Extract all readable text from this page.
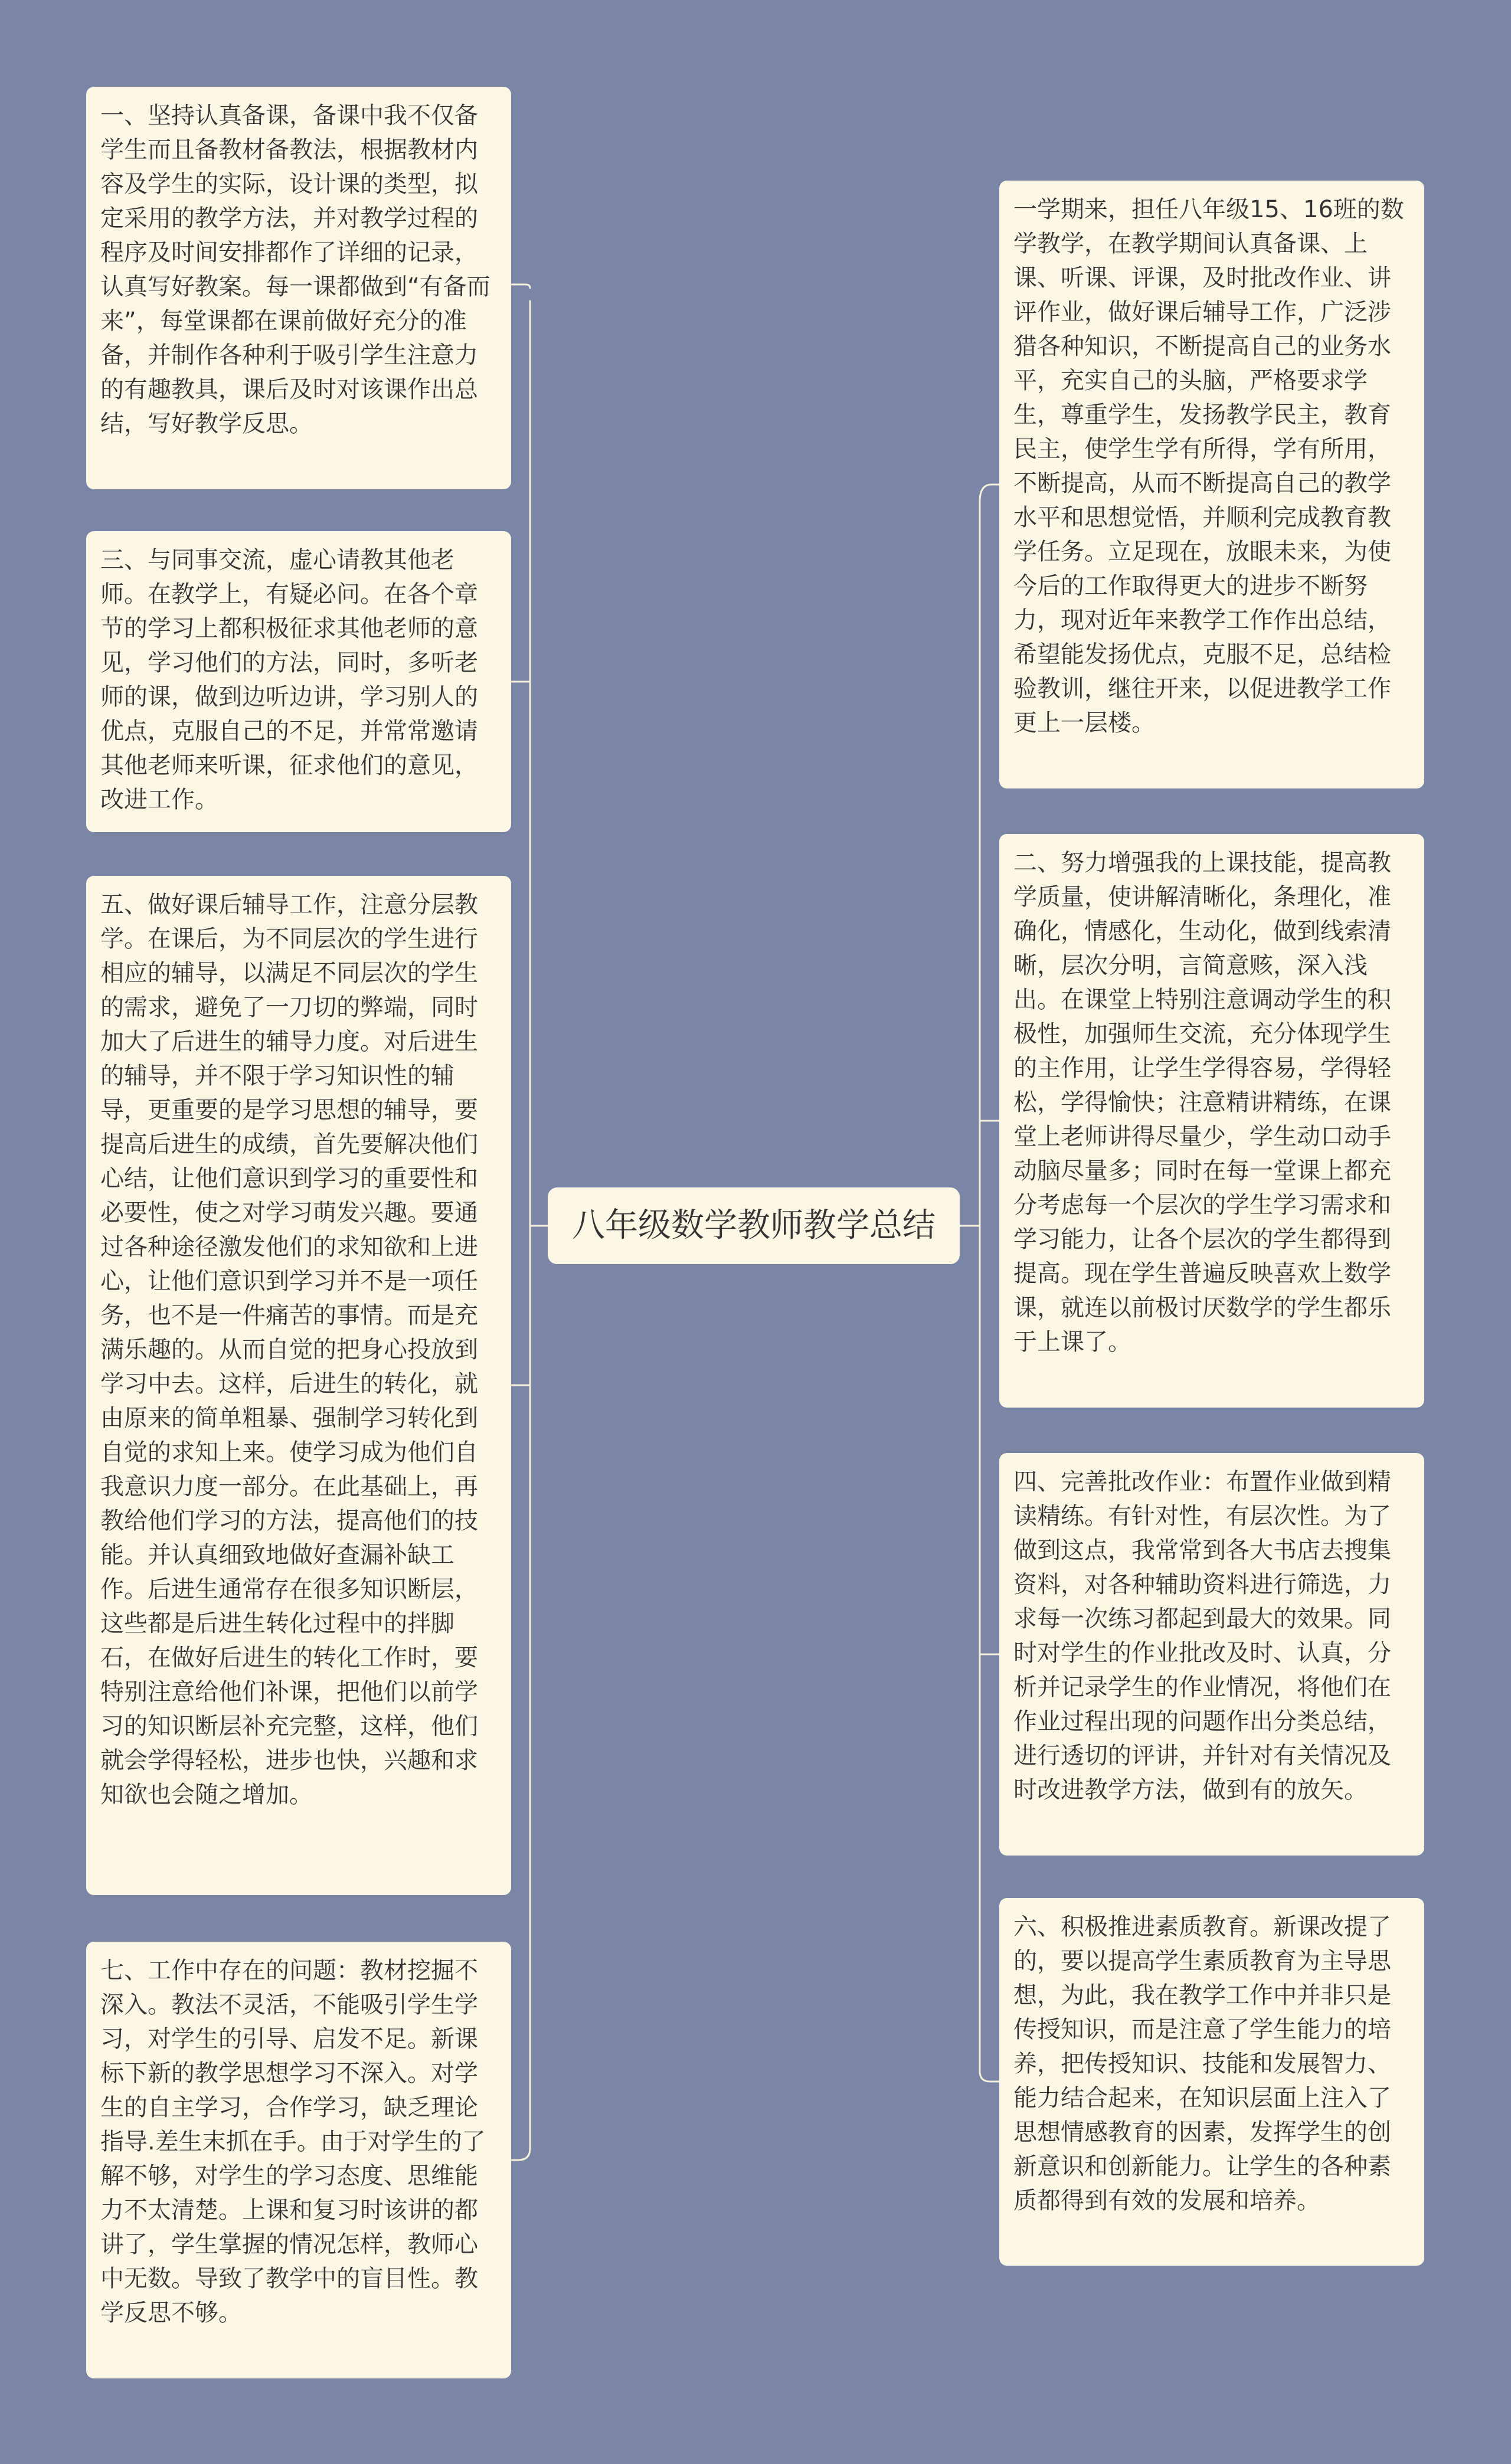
八年级数学教师教学总结
一、坚持认真备课，备课中我不仅备学生而且备教材备教法，根据教材内容及学生的实际，设计课的类型，拟定采用的教学方法，并对教学过程的程序及时间安排都作了详细的记录，认真写好教案。每一课都做到“有备而来”，每堂课都在课前做好充分的准备，并制作各种利于吸引学生注意力的有趣教具，课后及时对该课作出总结，写好教学反思。
三、与同事交流，虚心请教其他老师。在教学上，有疑必问。在各个章节的学习上都积极征求其他老师的意见，学习他们的方法，同时，多听老师的课，做到边听边讲，学习别人的优点，克服自己的不足，并常常邀请其他老师来听课，征求他们的意见，改进工作。
五、做好课后辅导工作，注意分层教学。在课后，为不同层次的学生进行相应的辅导，以满足不同层次的学生的需求，避免了一刀切的弊端，同时加大了后进生的辅导力度。对后进生的辅导，并不限于学习知识性的辅导，更重要的是学习思想的辅导，要提高后进生的成绩，首先要解决他们心结，让他们意识到学习的重要性和必要性，使之对学习萌发兴趣。要通过各种途径激发他们的求知欲和上进心，让他们意识到学习并不是一项任务，也不是一件痛苦的事情。而是充满乐趣的。从而自觉的把身心投放到学习中去。这样，后进生的转化，就由原来的简单粗暴、强制学习转化到自觉的求知上来。使学习成为他们自我意识力度一部分。在此基础上，再教给他们学习的方法，提高他们的技能。并认真细致地做好查漏补缺工作。后进生通常存在很多知识断层，这些都是后进生转化过程中的拌脚石，在做好后进生的转化工作时，要特别注意给他们补课，把他们以前学习的知识断层补充完整，这样，他们就会学得轻松，进步也快，兴趣和求知欲也会随之增加。
七、工作中存在的问题：教材挖掘不深入。教法不灵活，不能吸引学生学习，对学生的引导、启发不足。新课标下新的教学思想学习不深入。对学生的自主学习，合作学习，缺乏理论指导.差生末抓在手。由于对学生的了解不够，对学生的学习态度、思维能力不太清楚。上课和复习时该讲的都讲了，学生掌握的情况怎样，教师心中无数。导致了教学中的盲目性。教学反思不够。
一学期来，担任八年级15、16班的数学教学，在教学期间认真备课、上课、听课、评课，及时批改作业、讲评作业，做好课后辅导工作，广泛涉猎各种知识，不断提高自己的业务水平，充实自己的头脑，严格要求学生，尊重学生，发扬教学民主，教育民主，使学生学有所得，学有所用，不断提高，从而不断提高自己的教学水平和思想觉悟，并顺利完成教育教学任务。立足现在，放眼未来，为使今后的工作取得更大的进步不断努力，现对近年来教学工作作出总结，希望能发扬优点，克服不足，总结检验教训，继往开来，以促进教学工作更上一层楼。
二、努力增强我的上课技能，提高教学质量，使讲解清晰化，条理化，准确化，情感化，生动化，做到线索清晰，层次分明，言简意赅，深入浅出。在课堂上特别注意调动学生的积极性，加强师生交流，充分体现学生的主作用，让学生学得容易，学得轻松，学得愉快；注意精讲精练，在课堂上老师讲得尽量少，学生动口动手动脑尽量多；同时在每一堂课上都充分考虑每一个层次的学生学习需求和学习能力，让各个层次的学生都得到提高。现在学生普遍反映喜欢上数学课，就连以前极讨厌数学的学生都乐于上课了。
四、完善批改作业：布置作业做到精读精练。有针对性，有层次性。为了做到这点，我常常到各大书店去搜集资料，对各种辅助资料进行筛选，力求每一次练习都起到最大的效果。同时对学生的作业批改及时、认真，分析并记录学生的作业情况，将他们在作业过程出现的问题作出分类总结，进行透切的评讲，并针对有关情况及时改进教学方法，做到有的放矢。
六、积极推进素质教育。新课改提了的，要以提高学生素质教育为主导思想，为此，我在教学工作中并非只是传授知识，而是注意了学生能力的培养，把传授知识、技能和发展智力、能力结合起来，在知识层面上注入了思想情感教育的因素，发挥学生的创新意识和创新能力。让学生的各种素质都得到有效的发展和培养。
